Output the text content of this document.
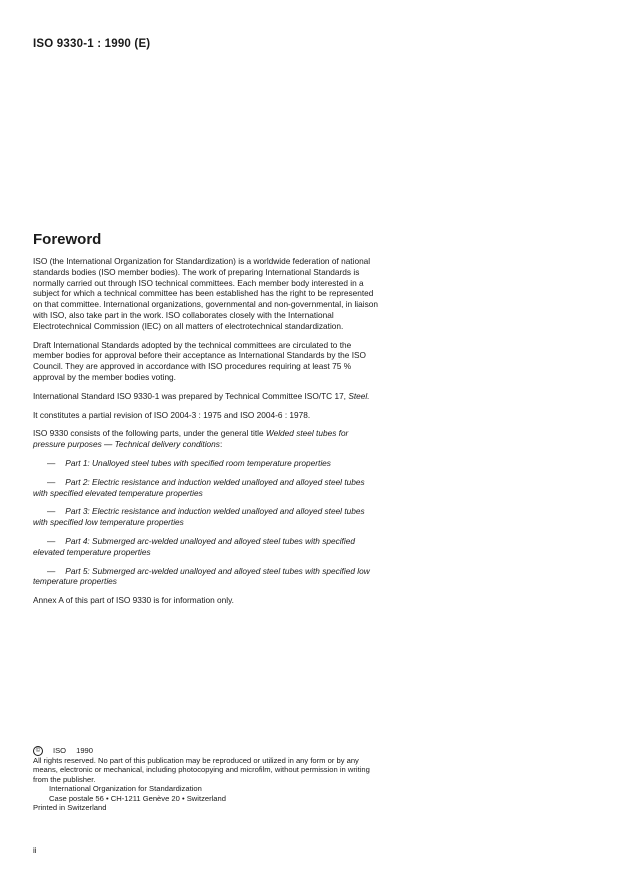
ISO 9330-1 : 1990 (E)
Foreword

ISO (the International Organization for Standardization) is a worldwide federation of national standards bodies (ISO member bodies). The work of preparing International Standards is normally carried out through ISO technical committees. Each member body interested in a subject for which a technical committee has been established has the right to be represented on that committee. International organizations, governmental and non-governmental, in liaison with ISO, also take part in the work. ISO collaborates closely with the International Electrotechnical Commission (IEC) on all matters of electrotechnical standardization.

Draft International Standards adopted by the technical committees are circulated to the member bodies for approval before their acceptance as International Standards by the ISO Council. They are approved in accordance with ISO procedures requiring at least 75 % approval by the member bodies voting.

International Standard ISO 9330-1 was prepared by Technical Committee ISO/TC 17, Steel.

It constitutes a partial revision of ISO 2004-3 : 1975 and ISO 2004-6 : 1978.

ISO 9330 consists of the following parts, under the general title Welded steel tubes for pressure purposes — Technical delivery conditions:

— Part 1: Unalloyed steel tubes with specified room temperature properties

— Part 2: Electric resistance and induction welded unalloyed and alloyed steel tubes with specified elevated temperature properties

— Part 3: Electric resistance and induction welded unalloyed and alloyed steel tubes with specified low temperature properties

— Part 4: Submerged arc-welded unalloyed and alloyed steel tubes with specified elevated temperature properties

— Part 5: Submerged arc-welded unalloyed and alloyed steel tubes with specified low temperature properties

Annex A of this part of ISO 9330 is for information only.

©	ISO 1990

All rights reserved. No part of this publication may be reproduced or utilized in any form or by any means, electronic or mechanical, including photocopying and microfilm, without permission in writing from the publisher.

International Organization for Standardization

Case postale 56 • CH-1211 Genève 20 • Switzerland

Printed in Switzerland

ii
